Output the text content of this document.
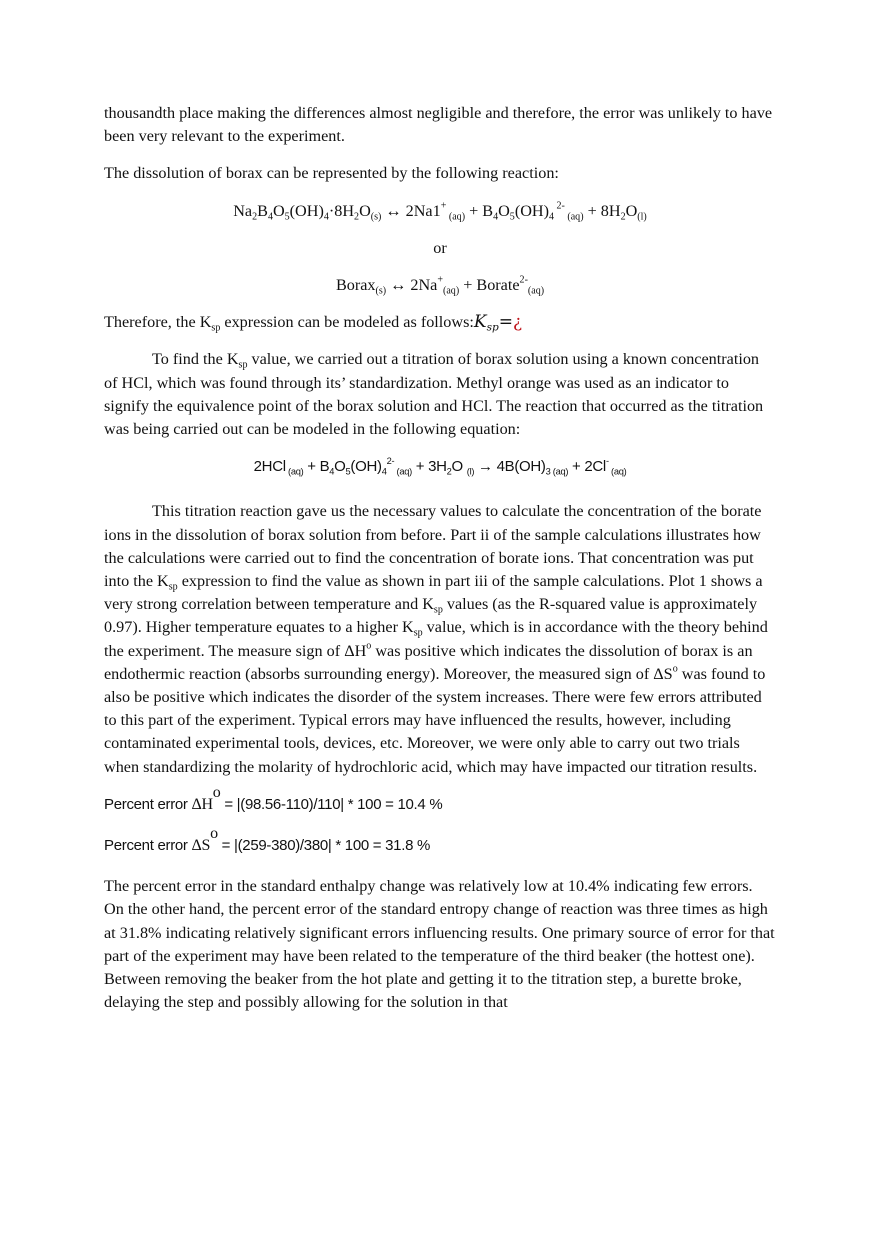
thousandth place making the differences almost negligible and therefore, the error was unlikely to have been very relevant to the experiment.

The dissolution of borax can be represented by the following reaction:

$Na_2B_4O_5(OH)_4\cdot 8H_2O_{(s)}$ ↔ 2Na1+ $_{(aq)} + B_4O_5(OH)_4$ $^{2-}$ $_{(aq)} + 8H_2O_{(l)}$

or

Borax$_{(s)}$ ↔ $2Na^+_{(aq)}$ + Borate$^{2-}_{(aq)}$

Therefore, the $K_{sp}$ expression can be modeled as $follows:K_{sp}=¿$

To find the $K_{sp}$ value, we carried out a titration of borax solution using a known concentration of HCl, which was found through its’ standardization. Methyl orange was used as an indicator to signify the equivalence point of the borax solution and HCl. The reaction that occurred as the titration was being carried out can be modeled in the following equation:

2HCl $_{(aq)} + B_4O_5(OH)_4^{2-}$ $_{(aq)} + 3H_2O$ $_{(l)} \to 4B(OH)_{3 (aq)} + 2Cl^-$ $_{(aq)}$

This titration reaction gave us the necessary values to calculate the concentration of the borate ions in the dissolution of borax solution from before. Part ii of the sample calculations illustrates how the calculations were carried out to find the concentration of borate ions. That concentration was put into the $K_{sp}$ expression to find the value as shown in part iii of the sample calculations. Plot 1 shows a very strong correlation between temperature and $K_{sp}$ values (as the R-squared value is approximately 0.97). Higher temperature equates to a higher $K_{sp}$ value, which is in accordance with the theory behind the experiment. The measure sign of $\Delta H^o$ was positive which indicates the dissolution of borax is an endothermic reaction (absorbs surrounding energy). Moreover, the measured sign of $\Delta S^o$ was found to also be positive which indicates the disorder of the system increases. There were few errors attributed to this part of the experiment. Typical errors may have influenced the results, however, including contaminated experimental tools, devices, etc. Moreover, we were only able to carry out two trials when standardizing the molarity of hydrochloric acid, which may have impacted our titration results.

Percent error $\Delta H^o = |(98.56-110)/110| * 100 = 10.4$ %

Percent error $\Delta S^o = |(259-380)/380| * 100 = 31.8$ %

The percent error in the standard enthalpy change was relatively low at 10.4% indicating few errors. On the other hand, the percent error of the standard entropy change of reaction was three times as high at 31.8% indicating relatively significant errors influencing results. One primary source of error for that part of the experiment may have been related to the temperature of the third beaker (the hottest one). Between removing the beaker from the hot plate and getting it to the titration step, a burette broke, delaying the step and possibly allowing for the solution in that
